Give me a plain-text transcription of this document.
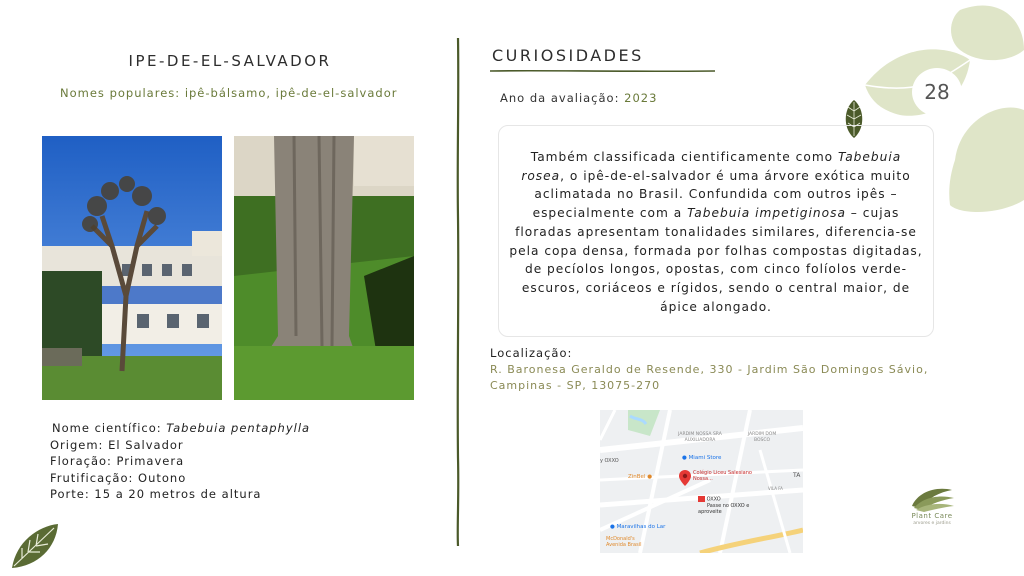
28
IPE-DE-EL-SALVADOR
Nomes populares: ipê-bálsamo, ipê-de-el-salvador
Nome científico: Tabebuia pentaphylla
Origem: El Salvador
Floração: Primavera
Frutificação: Outono
Porte: 15 a 20 metros de altura
CURIOSIDADES
Ano da avaliação: 2023
Também classificada cientificamente como Tabebuia rosea, o ipê-de-el-salvador é uma árvore exótica muito aclimatada no Brasil. Confundida com outros ipês – especialmente com a Tabebuia impetiginosa – cujas floradas apresentam tonalidades similares, diferencia-se pela copa densa, formada por folhas compostas digitadas, de pecíolos longos, opostas, com cinco folíolos verde-escuros, coriáceos e rígidos, sendo o central maior, de ápice alongado.
Localização:
R. Baronesa Geraldo de Resende, 330 - Jardim São Domingos Sávio, Campinas - SP, 13075-270
JARDIM NOSSA SRA AUXILIADORA
JARDIM DOM BOSCO
● Miami Store
y OXXO
ZinBel ●
Colégio Liceu Salesiano Nossa...	TA
VILA FA
OXXO
Passe no OXXO e aproveite
● Maravilhas do Lar
McDonald's Avenida Brasil
Plant Care
arvores e jardins
